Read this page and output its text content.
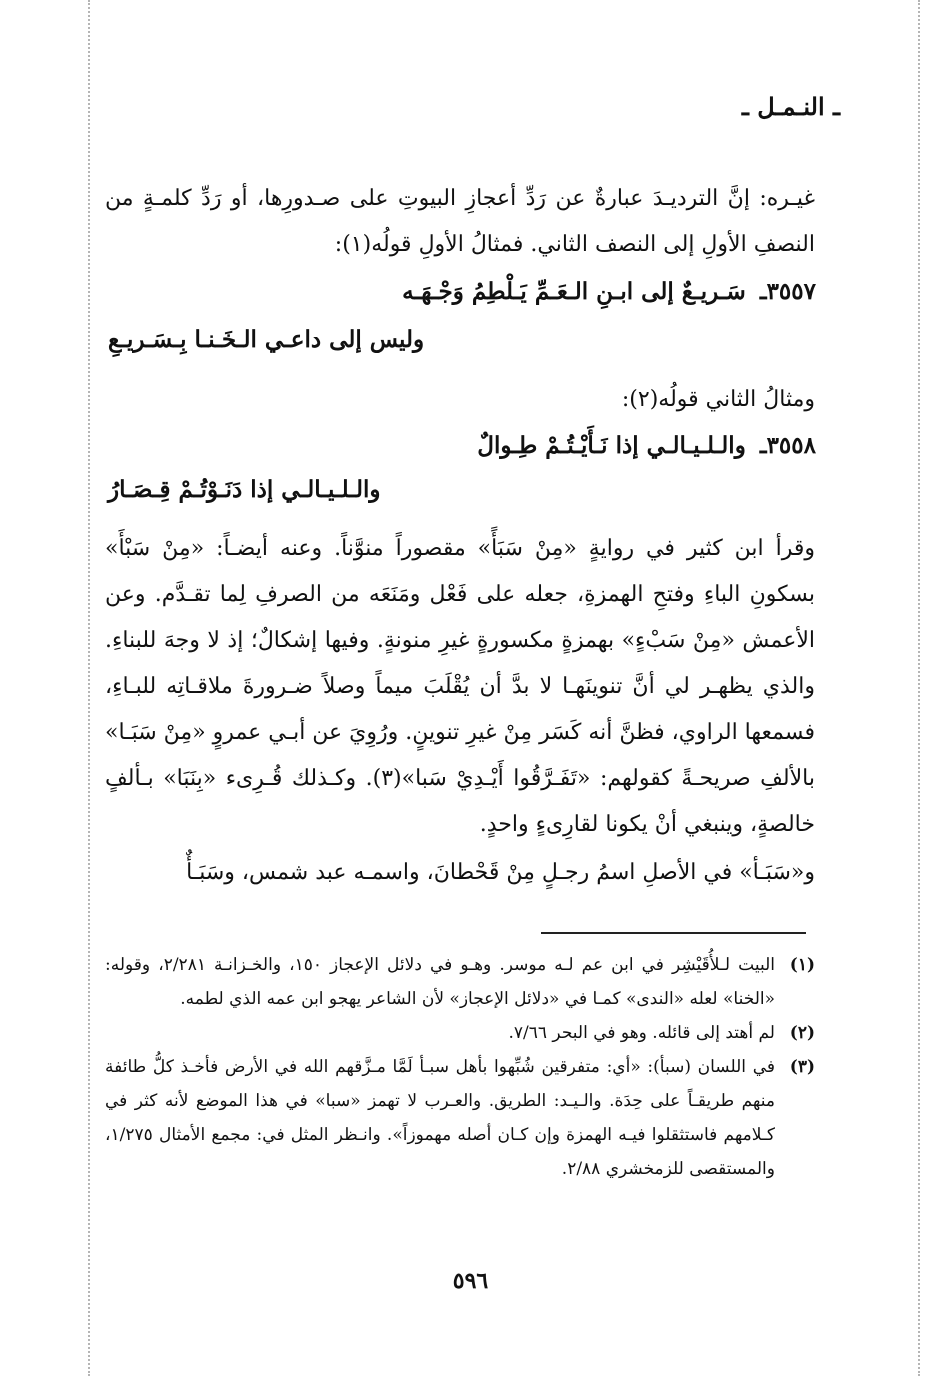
ـ النـمـل ـ

غيـره: إنَّ الترديـدَ عبارةٌ عن رَدِّ أعجازِ البيوتِ على صـدورِها، أو رَدِّ كلمـةٍ من النصفِ الأولِ إلى النصف الثاني. فمثالُ الأولِ قولُه(١):

٣٥٥٧ـ سَـريـعٌ إلى ابـنِ الـعَـمِّ يَـلْطِمُ وَجْـهَـه
وليس إلى داعـي الـخَـنـا بِـسَـريـعِ

ومثالُ الثاني قولُه(٢):

٣٥٥٨ـ والـلـيـالـي إذا نَـأَيْـتُـمْ طِـوالٌ
والـلـيـالـي إذا دَنَـوْتُـمْ قِـصَـارُ

وقرأ ابن كثير في روايةٍ «مِنْ سَبَأً» مقصوراً منوَّناً. وعنه أيضـاً: «مِنْ سَبْأَ» بسكونِ الباءِ وفتحِ الهمزةِ، جعله على فَعْل ومَنَعَه من الصرفِ لِما تقـدَّم. وعن الأعمش «مِنْ سَبْءٍ» بهمزةٍ مكسورةٍ غيرِ منونةٍ. وفيها إشكالٌ؛ إذ لا وجهَ للبناءِ. والذي يظهـر لي أنَّ تنوينَهـا لا بدَّ أن يُقْلَبَ ميماً وصلاً ضـرورةَ ملاقـاتِه للبـاءِ، فسمعها الراوي، فظنَّ أنه كَسَر مِنْ غيرِ تنوينٍ. ورُوِيَ عن أبـي عمروٍ «مِنْ سَبَـا» بالألفِ صريحـةً كقولهم: «تَفَـرَّقُوا أَيْـدِيْ سَبا»(٣). وكـذلك قُـرِىء «بِنَبَا» بـألفٍ خالصةٍ، وينبغي أنْ يكونا لقارِىءٍ واحدٍ.

و«سَبَـأ» في الأصلِ اسمُ رجـلٍ مِنْ قَحْطانَ، واسمـه عبد شمس، وسَبَـأٌ

(١)
البيت لـلأُقَيْشِر في ابن عم لـه موسر. وهـو في دلائل الإعجاز ١٥٠، والخـزانـة ٢/٢٨١، وقوله: «الخنا» لعله «الندى» كمـا في «دلائل الإعجاز» لأن الشاعر يهجو ابن عمه الذي لطمه.
(٢)
لم أهتد إلى قائله. وهو في البحر ٧/٦٦.
(٣)
في اللسان (سبأ): «أي: متفرقين شُبِّهوا بأهل سبـأ لَمَّا مـزَّقهم الله في الأرض فأخـذ كلُّ طائفة منهم طريقـاً على حِدَة. والـيـد: الطريق. والعـرب لا تهمز «سبا» في هذا الموضع لأنه كثر في كـلامهم فاستثقلوا فيـه الهمزة وإن كـان أصله مهموزاً». وانـظر المثل في: مجمع الأمثال ١/٢٧٥، والمستقصى للزمخشري ٢/٨٨.
٥٩٦
